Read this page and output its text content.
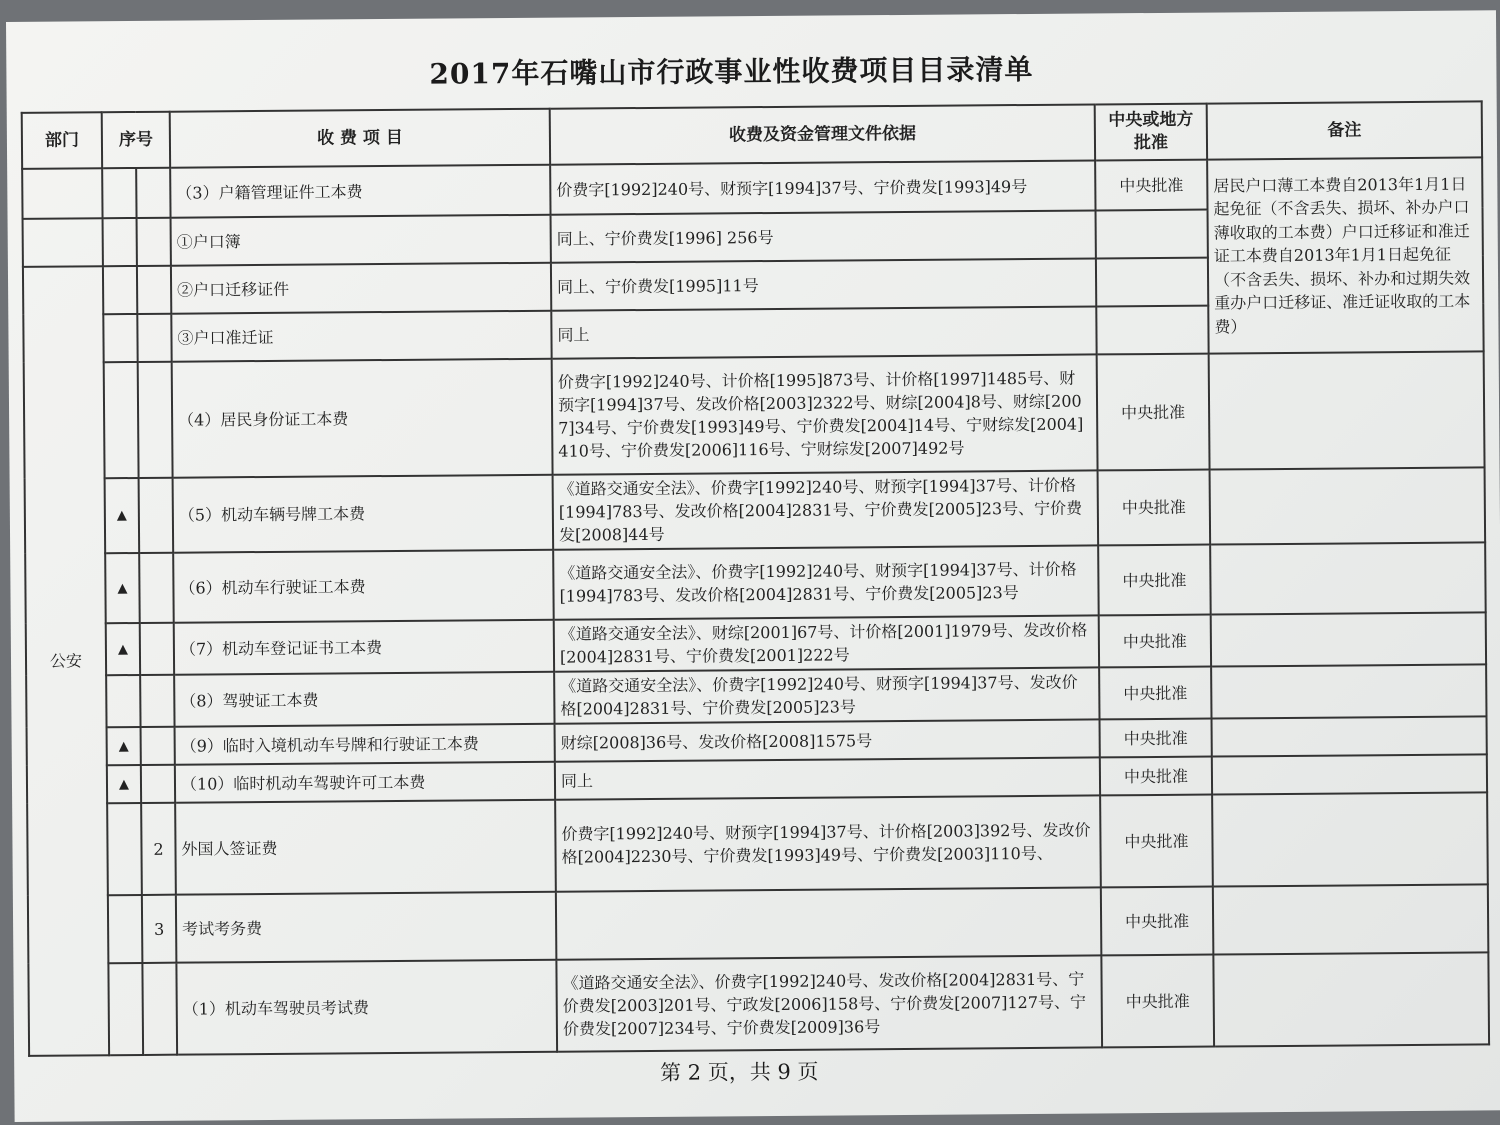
2017年石嘴山市行政事业性收费项目目录清单
部门	序号		收 费 项 目	收费及资金管理文件依据	中央或地方批准	备注
			（3）户籍管理证件工本费	价费字[1992]240号、财预字[1994]37号、宁价费发[1993]49号	中央批准	居民户口薄工本费自2013年1月1日起免征（不含丢失、损坏、补办户口薄收取的工本费）户口迁移证和准迁证工本费自2013年1月1日起免征（不含丢失、损坏、补办和过期失效重办户口迁移证、准迁证收取的工本费）
			①户口簿	同上、宁价费发[1996] 256号		
公安			②户口迁移证件	同上、宁价费发[1995]11号		
			③户口准迁证	同上		
			（4）居民身份证工本费	价费字[1992]240号、计价格[1995]873号、计价格[1997]1485号、财预字[1994]37号、发改价格[2003]2322号、财综[2004]8号、财综[2007]34号、宁价费发[1993]49号、宁价费发[2004]14号、宁财综发[2004]410号、宁价费发[2006]116号、宁财综发[2007]492号	中央批准	
	▲		（5）机动车辆号牌工本费	《道路交通安全法》、价费字[1992]240号、财预字[1994]37号、计价格[1994]783号、发改价格[2004]2831号、宁价费发[2005]23号、宁价费发[2008]44号	中央批准	
	▲		（6）机动车行驶证工本费	《道路交通安全法》、价费字[1992]240号、财预字[1994]37号、计价格[1994]783号、发改价格[2004]2831号、宁价费发[2005]23号	中央批准	
	▲		（7）机动车登记证书工本费	《道路交通安全法》、财综[2001]67号、计价格[2001]1979号、发改价格[2004]2831号、宁价费发[2001]222号	中央批准	
			（8）驾驶证工本费	《道路交通安全法》、价费字[1992]240号、财预字[1994]37号、发改价格[2004]2831号、宁价费发[2005]23号	中央批准	
	▲		（9）临时入境机动车号牌和行驶证工本费	财综[2008]36号、发改价格[2008]1575号	中央批准	
	▲		（10）临时机动车驾驶许可工本费	同上	中央批准	
		2	外国人签证费	价费字[1992]240号、财预字[1994]37号、计价格[2003]392号、发改价格[2004]2230号、宁价费发[1993]49号、宁价费发[2003]110号、	中央批准	
		3	考试考务费		中央批准	
			（1）机动车驾驶员考试费	《道路交通安全法》、价费字[1992]240号、发改价格[2004]2831号、宁价费发[2003]201号、宁政发[2006]158号、宁价费发[2007]127号、宁价费发[2007]234号、宁价费发[2009]36号	中央批准	
第 2 页，共 9 页
